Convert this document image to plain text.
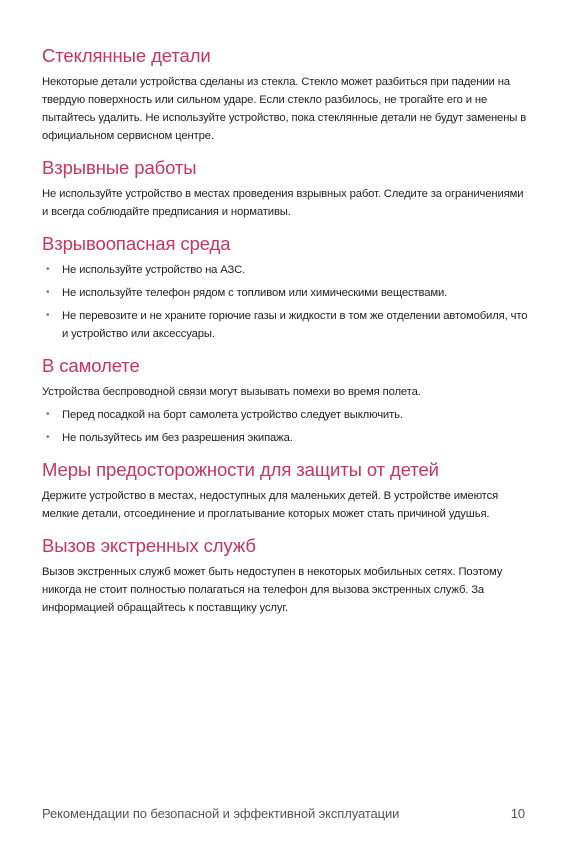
Стеклянные детали

Некоторые детали устройства сделаны из стекла. Стекло может разбиться при падении на твердую поверхность или сильном ударе. Если стекло разбилось, не трогайте его и не пытайтесь удалить. Не используйте устройство, пока стеклянные детали не будут заменены в официальном сервисном центре.

Взрывные работы

Не используйте устройство в местах проведения взрывных работ. Следите за ограничениями и всегда соблюдайте предписания и нормативы.

Взрывоопасная среда
• Не используйте устройство на АЗС.
• Не используйте телефон рядом с топливом или химическими веществами.
• Не перевозите и не храните горючие газы и жидкости в том же отделении автомобиля, что и устройство или аксессуары.
В самолете

Устройства беспроводной связи могут вызывать помехи во время полета.

• Перед посадкой на борт самолета устройство следует выключить.
• Не пользуйтесь им без разрешения экипажа.
Меры предосторожности для защиты от детей

Держите устройство в местах, недоступных для маленьких детей. В устройстве имеются мелкие детали, отсоединение и проглатывание которых может стать причиной удушья.

Вызов экстренных служб

Вызов экстренных служб может быть недоступен в некоторых мобильных сетях. Поэтому никогда не стоит полностью полагаться на телефон для вызова экстренных служб. За информацией обращайтесь к поставщику услуг.

Рекомендации по безопасной и эффективной эксплуатации	10
